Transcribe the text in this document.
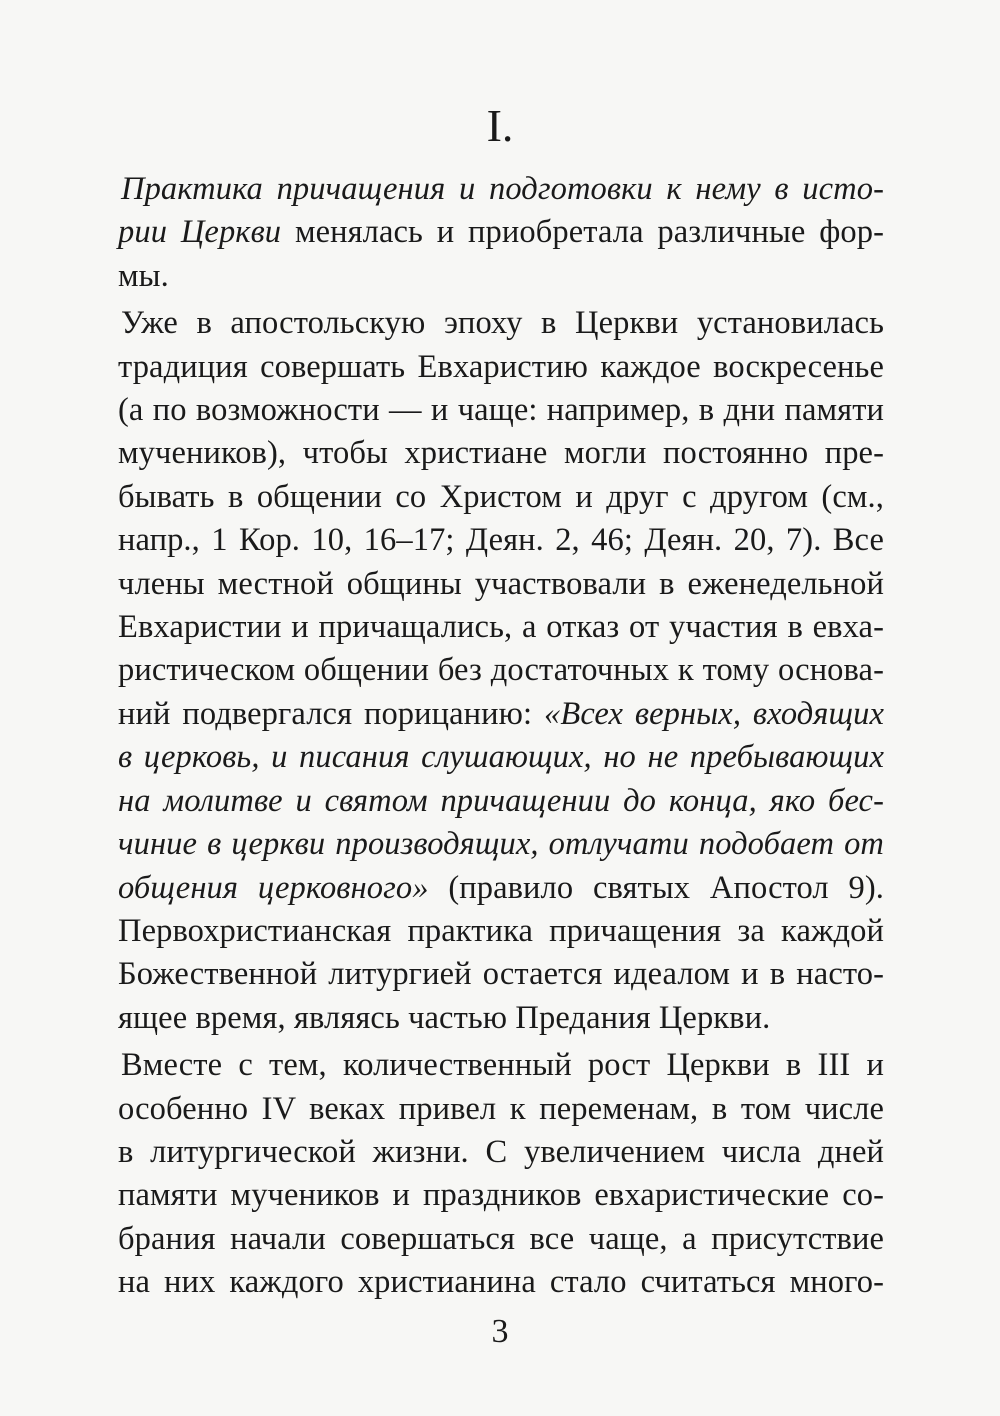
I.
Практика причащения и подготовки к нему в исто-
рии Церкви менялась и приобретала различные фор-
мы.
Уже в апостольскую эпоху в Церкви установилась
традиция совершать Евхаристию каждое воскресенье
(а по возможности — и чаще: например, в дни памяти
мучеников), чтобы христиане могли постоянно пре-
бывать в общении со Христом и друг с другом (см.,
напр., 1 Кор. 10, 16–17; Деян. 2, 46; Деян. 20, 7). Все
члены местной общины участвовали в еженедельной
Евхаристии и причащались, а отказ от участия в евха-
ристическом общении без достаточных к тому основа-
ний подвергался порицанию: «Всех верных, входящих
в церковь, и писания слушающих, но не пребывающих
на молитве и святом причащении до конца, яко бес-
чиние в церкви производящих, отлучати подобает от
общения церковного» (правило святых Апостол 9).
Первохристианская практика причащения за каждой
Божественной литургией остается идеалом и в насто-
ящее время, являясь частью Предания Церкви.
Вместе с тем, количественный рост Церкви в III и
особенно IV веках привел к переменам, в том числе
в литургической жизни. С увеличением числа дней
памяти мучеников и праздников евхаристические со-
брания начали совершаться все чаще, а присутствие
на них каждого христианина стало считаться много-
3
